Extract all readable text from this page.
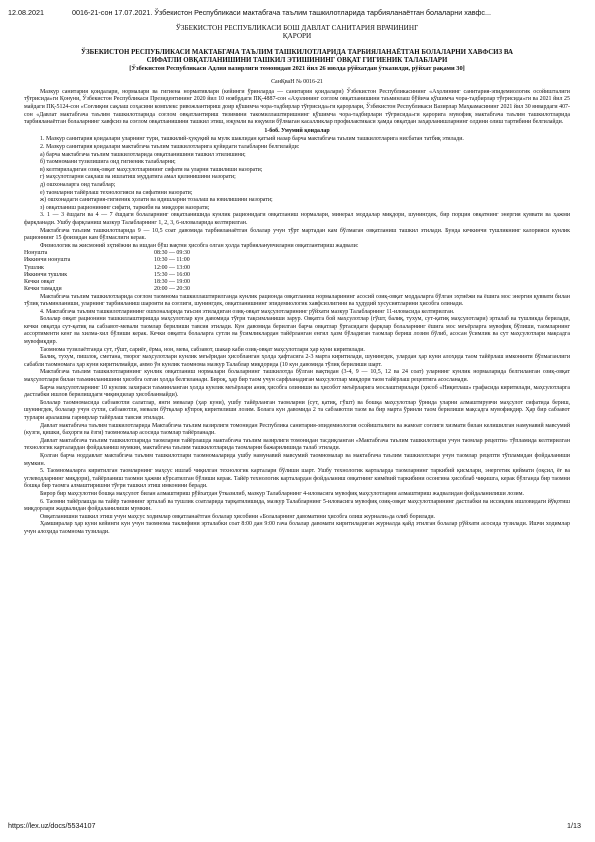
12.08.2021	0016-21-сон 17.07.2021. Ўзбекистон Республикаси мактабгача таълим ташкилотларида тарбияланаётган болаларни хавфс...
ЎЗБЕКИСТОН РЕСПУБЛИКАСИ БОШ ДАВЛАТ САНИТАРИЯ ВРАЧИНИНГ
ҚАРОРИ
ЎЗБЕКИСТОН РЕСПУБЛИКАСИ МАКТАБГАЧА ТАЪЛИМ ТАШКИЛОТЛАРИДА ТАРБИЯЛАНАЁТГАН БОЛАЛАРНИ ХАВФСИЗ ВА
СИФАТЛИ ОВҚАТЛАНИШИНИ ТАШКИЛ ЭТИШИНИНГ ОВҚАТ ГИГИЕНИК ТАЛАБЛАРИ
[Ўзбекистон Республикаси Адлия вазирлиги томонидан 2021 йил 26 июлда рўйхатдан ўтказилди, рўйхат рақами 30]
СанҚваН № 0016-21

Мазкур санитария қоидалари, нормалари ва гигиена нормативлари (кейинги ўринларда — санитария қоидалари) Ўзбекистон Республикасининг «Аҳолининг санитария-эпидемиологик осойишталиги тўғрисида»ги Қонуни, Ўзбекистон Республикаси Президентининг 2020 йил 10 ноябрдаги ПҚ-4887-сон «Аҳолининг соғлом овқатланишини таъминлаш бўйича қўшимча чора-тадбирлар тўғрисида»ги ва 2021 йил 25 майдаги ПҚ-5124-сон «Соғлиқни сақлаш соҳасини комплекс ривожлантириш доир қўшимча чора-тадбирлар тўғрисида»ги қарорлари, Ўзбекистон Республикаси Вазирлар Маҳкамасининг 2021 йил 30 январдаги 407-сон «Давлат мактабгача таълим ташкилотларида соғлом овқатлантириш тизимини такомиллаштиришнинг қўшимча чора-тадбирлари тўғрисида»ги қарорига мувофиқ мактабгача таълим ташкилотларида тарбияланаётган болаларнинг хавфсиз ва соғлом овқатланишини ташкил этиш, юқумли ва юқумли бўлмаган касалликлар профилактикаси ҳамда овқатдан заҳарланишларнинг олдини олиш тартибини белгилайди.

1-боб. Умумий қоидалар

1. Мазкур санитария қоидалари уларнинг тури, ташкилий-ҳуқуқий ва мулк шаклидан қатъий назар барча мактабгача таълим ташкилотларига нисбатан татбиқ этилади.

2. Мазкур санитария қоидалари мактабгача таълим ташкилотларига қуйидаги талабларни белгилайди:

а) барча мактабгача таълим ташкилотларида овқатланишини ташкил этилишини;

б) таомномани тузилишига оид гигиеник талабларни;

в) келтириладиган озиқ-овқат маҳсулотларининг сифати ва уларни ташилиши назорати;

г) маҳсулотларни сақлаш ва ишлатиш муддатига амал қилинишини назорати;

д) ошхоналарга оид талаблар;

е) таомларни тайёрлаш технологияси ва сифатини назорати;

ж) ошхонадаги санитария-гигиеник ҳолати ва идишларни тозалаш ва ювилишини назорати;

з) овқатланиш рационининг сифати, таркиби ва миқдори назорати;

3. 1 — 3 ёшдаги ва 4 — 7 ёшдаги болаларнинг овқатланишида кунлик рационидаги овқатланиш нормалари, минерал моддалар миқдори, шунингдек, бир порция овқатнинг энергия қуввати ва ҳажми фарқланади. Ушбу фарқланиш мазкур Талабларнинг 1, 2, 3, 6-иловаларида келтирилган.

Мактабгача таълим ташкилотларида 9 — 10,5 соат давомида тарбияланаётган болалар учун тўрт мартадан кам бўлмаган овқатланиш ташкил этилади. Бунда кечкинчи тушликнинг калорияси кунлик рационнинг 15 фоизидан кам бўлмаслиги керак.

Физиологик ва жисмоний эҳтиёжни ва ишдан бўш вақтни ҳисобга олган ҳолда тарбияланувчиларни овқатлантириш жадвали:

Нонушта	08:30 — 09:30
Иккинчи нонушта	10:30 — 11:00
Тушлик	12:00 — 13:00
Иккинчи тушлик	15:30 — 16:00
Кечки овқат	18:30 — 19:00
Кечки тамадди	20:00 — 20:30

Мактабгача таълим ташкилотларида соғлом таомнома ташкиллаштирилганда кунлик рационда овқатланиш нормаларининг асосий озиқ-овқат моддаларга бўлган эҳтиёжи ва ёшига мос энергия қуввати билан тўлиқ таъминланиши, уларнинг тарбияланиш шароити ва соғлиги, шунингдек, овқатланишнинг эпидемиологик хавфсизлигини ва ҳудудий хусусиятларини ҳисобга олинади.

4. Мактабгача таълим ташкилотларининг ошхоналарида таъсия этиладиган озиқ-овқат маҳсулотларининг рўйхати мазкур Талабларнинг 11-иловасида келтирилган.

Болалар овқат рационини ташкиллаштиришда маҳсулотлар кун давомида тўғри тақсимланиши зарур. Овқатга бой маҳсулотлар (гўшт, балиқ, тухум, сут-қатиқ маҳсулотлари) эрталаб ва тушликда берилади, кечки овқатда сут-қатиқ ва сабзавот-мевали таомлар берилиши тавсия этилади. Кун давомида берилган барча овқатлар ўртасидаги фарқлар болаларнинг ёшига мос меъёрларга мувофиқ бўлиши, таомларнинг ассортименти кенг ва хилма-хил бўлиши керак. Кечки овқатга болаларга сутли ва ўсимликлардан тайёрланган енгил ҳазм бўладиган таомлар бериш лозим бўлиб, асосан ўсимлик ва сут маҳсулотлари мақсадга мувофиқдир.

Таомнома тузилаётганда сут, гўшт, сариёғ, ёрма, нон, мева, сабзавот, шакар каби озиқ-овқат маҳсулотлари ҳар куни киритилади.

Балиқ, тухум, пишлоқ, сметана, творог маҳсулотлари кунлик меъёридан ҳисобланган ҳолда ҳафтасига 2-3 марта киритилади, шунингдек, улардан ҳар куни алоҳида таом тайёрлаш имконияти бўлмаганлиги сабабли таомномага ҳар куни киритилмайди, аммо ўн кунлик таомнома мазкур Талаблар миқдорида (10 кун давомида тўлиқ берилиши шарт.

Мактабгача таълим ташкилотларининг кунлик овқатланиш нормалари болаларнинг ташкилотда бўлган вақтидан (3-4, 9 — 10,5, 12 ва 24 соат) уларнинг кунлик нормаларида белгиланган озиқ-овқат маҳсулотлари билан таъминланишини ҳисобга олган ҳолда белгиланади. Бироқ, ҳар бир таом учун сарфланадиган маҳсулотлар миқдори таом тайёрлаш рецептига асосланади.

Барча маҳсулотларнинг 10 кунлик захираси таъминланган ҳолда кунлик меъёрлари аниқ ҳисобга олиниши ва ҳисобот меъёрларига мослаштирилади (ҳисоб «Ниқитлаш» графасида киритилади, маҳсулотларга дастлабки ишлов берилишдаги чиқиндилар ҳисобланмайди).

Болалар таомномасида сабзавотли салатлар, янги мевалар (ҳар куни), ушбу тайёрланган таомларни (сут, қатиқ, гўшт) ва бошқа маҳсулотлар ўрнида уларни алмаштирувчи маҳсулот сифатида бериш, шунингдек, болалар учун сутли, сабзавотли, мевали бўтқалар кўпроқ киритилиши лозим. Болага кун давомида 2 та сабзавотли таом ва бир марта ўринли таом берилиши мақсадга мувофиқдир. Ҳар бир сабзавот турлари аралашма гарнирлар тайёрлаш тавсия этилади.

Давлат мактабгача таълим ташкилотларида Мактабгача таълим вазирлиги томонидан Республика санитария-эпидемиология осойишталиги ва жамоат соғлиги хизмати билан келишилган намунавий мавсумий (кузги, қишки, баҳорги ва ёзги) таомномалар асосида таомлар тайёрланади.

Давлат мактабгача таълим ташкилотларида таомларни тайёрлашда мактабгача таълим вазирлиги томонидан тасдиқланган «Мактабгача таълим ташкилотлари учун таомлар рецепти» тўпламида келтирилган технологик карталардан фойдаланиш мумкин, мактабгача таълим ташкилотларида таомларни бажарилишида талаб этилади.

Қолган барча ноддавлат мактабгача таълим ташкилотлари таомномаларида ушбу намунавий мавсумий таомномалар ва мактабгача таълим ташкилотлари учун таомлар рецепти тўпламидан фойдаланиши мумкин.

5. Таомномаларга киритилган таомларнинг маҳсус ишлаб чиқилган технологик карталари бўлиши шарт. Ушбу технологик карталарда таомларнинг таркибий қисмлари, энергетик қиймати (оқсил, ёғ ва углеводларнинг миқдори), тайёрланиш таомни ҳажми кўрсатилган бўлиши керак. Тайёр технологик карталардан фойдаланиш овқатнинг кимёвий таркибини осонгина ҳисоблаб чиқишга, керак бўлганда бир таомни бошқа бир таомга алмаштиришни тўғри ташкил этиш имконини беради.

Бирор бир маҳсулотни бошқа маҳсулот билан алмаштириш рўйхатдан ўтказилиб, мазкур Талабларнинг 4-иловасига мувофиқ маҳсулотларни алмаштириш жадвалидан фойдаланилиши лозим.

6. Таомни тайёрлашда ва тайёр таомнинг эрталаб ва тушлик соатларида тарқатилишида, мазкур Талабларнинг 5-иловасига мувофиқ озиқ-овқат маҳсулотларининг дастлабки ва иссиқлик ишловидаги йўқотиш миқдорлари жадвалидан фойдаланилиши мумкин.

Овқатланишни ташкил этиш учун маҳсус ходимлар овқатланаётган болалар ҳисобини «Болаларнинг давоматини ҳисобга олиш журнали»да олиб борилади.

Ҳамширалар ҳар куни кейинги кун учун таомнома таклифини эрталабки соат 8:00 дан 9:00 гача болалар давомати киритиладиган журналда қайд этилган болалар рўйхати асосида тузилади. Ишчи ходимлар учун алоҳида таомнома тузилади.

https://lex.uz/docs/5534107	1/13
